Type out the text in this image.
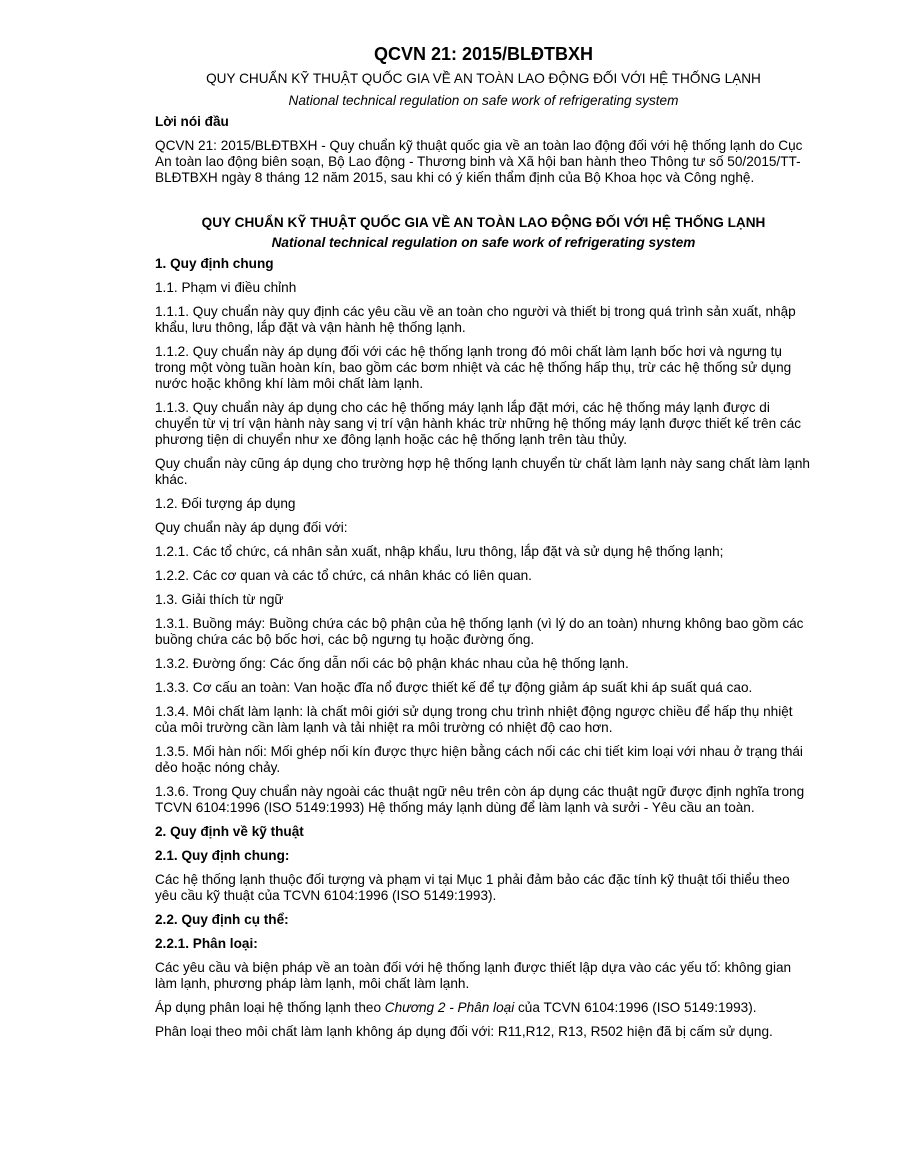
QCVN 21: 2015/BLĐTBXH
QUY CHUẨN KỸ THUẬT QUỐC GIA VỀ AN TOÀN LAO ĐỘNG ĐỐI VỚI HỆ THỐNG LẠNH
National technical regulation on safe work of refrigerating system

Lời nói đầu

QCVN 21: 2015/BLĐTBXH - Quy chuẩn kỹ thuật quốc gia về an toàn lao động đối với hệ thống lạnh do Cục An toàn lao động biên soạn, Bộ Lao động - Thương binh và Xã hội ban hành theo Thông tư số 50/2015/TT-BLĐTBXH ngày 8 tháng 12 năm 2015, sau khi có ý kiến thẩm định của Bộ Khoa học và Công nghệ.

QUY CHUẨN KỸ THUẬT QUỐC GIA VỀ AN TOÀN LAO ĐỘNG ĐỐI VỚI HỆ THỐNG LẠNH
National technical regulation on safe work of refrigerating system

1. Quy định chung

1.1. Phạm vi điều chỉnh

1.1.1. Quy chuẩn này quy định các yêu cầu về an toàn cho người và thiết bị trong quá trình sản xuất, nhập khẩu, lưu thông, lắp đặt và vận hành hệ thống lạnh.

1.1.2. Quy chuẩn này áp dụng đối với các hệ thống lạnh trong đó môi chất làm lạnh bốc hơi và ngưng tụ trong một vòng tuần hoàn kín, bao gồm các bơm nhiệt và các hệ thống hấp thụ, trừ các hệ thống sử dụng nước hoặc không khí làm môi chất làm lạnh.

1.1.3. Quy chuẩn này áp dụng cho các hệ thống máy lạnh lắp đặt mới, các hệ thống máy lạnh được di chuyển từ vị trí vận hành này sang vị trí vận hành khác trừ những hệ thống máy lạnh được thiết kế trên các phương tiện di chuyển như xe đông lạnh hoặc các hệ thống lạnh trên tàu thủy.

Quy chuẩn này cũng áp dụng cho trường hợp hệ thống lạnh chuyển từ chất làm lạnh này sang chất làm lạnh khác.

1.2. Đối tượng áp dụng

Quy chuẩn này áp dụng đối với:

1.2.1. Các tổ chức, cá nhân sản xuất, nhập khẩu, lưu thông, lắp đặt và sử dụng hệ thống lạnh;

1.2.2. Các cơ quan và các tổ chức, cá nhân khác có liên quan.

1.3. Giải thích từ ngữ

1.3.1. Buồng máy: Buồng chứa các bộ phận của hệ thống lạnh (vì lý do an toàn) nhưng không bao gồm các buồng chứa các bộ bốc hơi, các bộ ngưng tụ hoặc đường ống.

1.3.2. Đường ống: Các ống dẫn nối các bộ phận khác nhau của hệ thống lạnh.

1.3.3. Cơ cấu an toàn: Van hoặc đĩa nổ được thiết kế để tự động giảm áp suất khi áp suất quá cao.

1.3.4. Môi chất làm lạnh: là chất môi giới sử dụng trong chu trình nhiệt động ngược chiều để hấp thụ nhiệt của môi trường cần làm lạnh và tải nhiệt ra môi trường có nhiệt độ cao hơn.

1.3.5. Mối hàn nối: Mối ghép nối kín được thực hiện bằng cách nối các chi tiết kim loại với nhau ở trạng thái dẻo hoặc nóng chảy.

1.3.6. Trong Quy chuẩn này ngoài các thuật ngữ nêu trên còn áp dụng các thuật ngữ được định nghĩa trong TCVN 6104:1996 (ISO 5149:1993) Hệ thống máy lạnh dùng để làm lạnh và sưởi - Yêu cầu an toàn.

2. Quy định về kỹ thuật

2.1. Quy định chung:

Các hệ thống lạnh thuộc đối tượng và phạm vi tại Mục 1 phải đảm bảo các đặc tính kỹ thuật tối thiểu theo yêu cầu kỹ thuật của TCVN 6104:1996 (ISO 5149:1993).

2.2. Quy định cụ thể:

2.2.1. Phân loại:

Các yêu cầu và biện pháp về an toàn đối với hệ thống lạnh được thiết lập dựa vào các yếu tố: không gian làm lạnh, phương pháp làm lạnh, môi chất làm lạnh.

Áp dụng phân loại hệ thống lạnh theo Chương 2 - Phân loại của TCVN 6104:1996 (ISO 5149:1993).

Phân loại theo môi chất làm lạnh không áp dụng đối với: R11,R12, R13, R502 hiện đã bị cấm sử dụng.
